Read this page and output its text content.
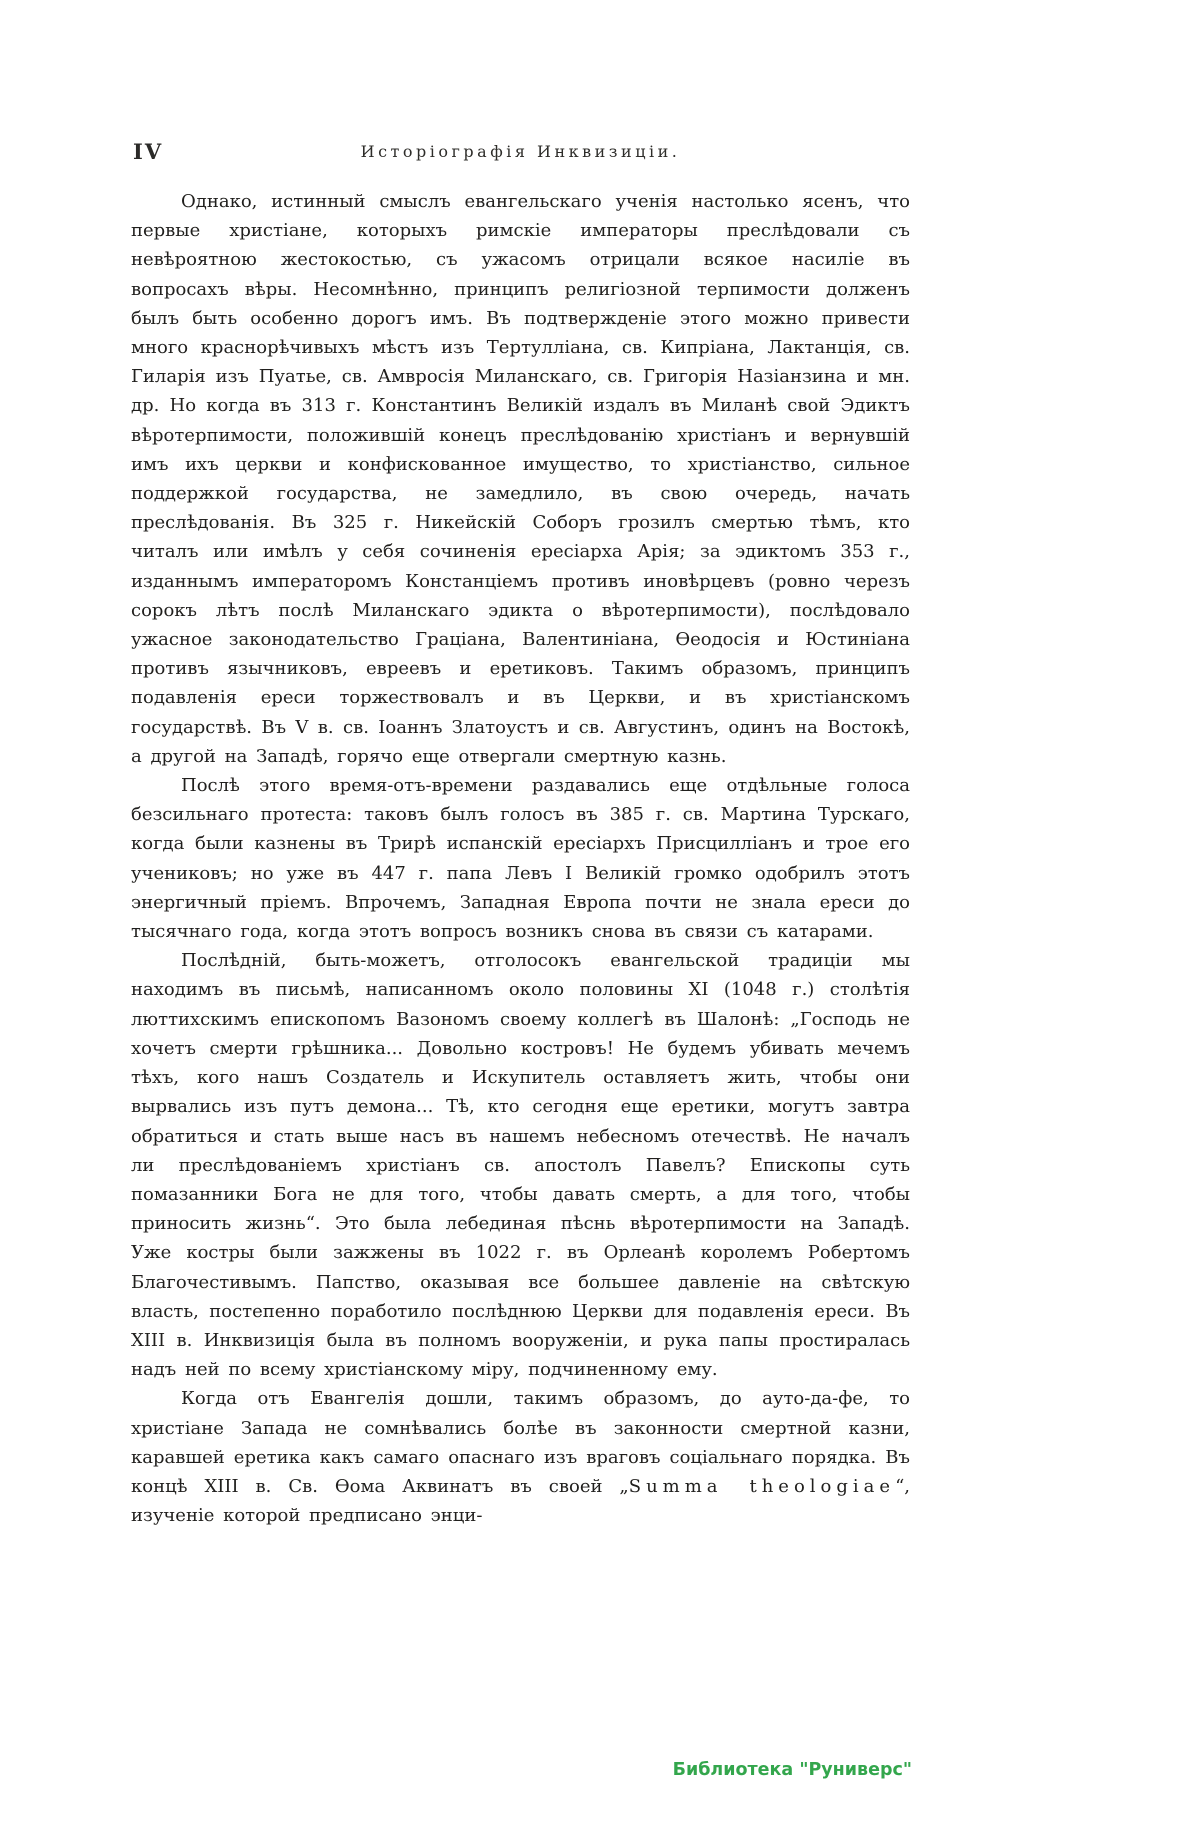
IV	Исторіографія Инквизиціи.

Однако, истинный смыслъ евангельскаго ученія настолько ясенъ, что первые христіане, которыхъ римскіе императоры преслѣдовали съ невѣроятною жестокостью, съ ужасомъ отрицали всякое насиліе въ вопросахъ вѣры. Несомнѣнно, принципъ религіозной терпимости долженъ былъ быть особенно дорогъ имъ. Въ подтвержденіе этого можно привести много краснорѣчивыхъ мѣстъ изъ Тертулліана, св. Кипріана, Лактанція, св. Гиларія изъ Пуатье, св. Амвросія Миланскаго, св. Григорія Назіанзина и мн. др. Но когда въ 313 г. Константинъ Великій издалъ въ Миланѣ свой Эдиктъ вѣротерпимости, положившій конецъ преслѣдованію христіанъ и вернувшій имъ ихъ церкви и конфискованное имущество, то христіанство, сильное поддержкой государства, не замедлило, въ свою очередь, начать преслѣдованія. Въ 325 г. Никейскій Соборъ грозилъ смертью тѣмъ, кто читалъ или имѣлъ у себя сочиненія ересіарха Арія; за эдиктомъ 353 г., изданнымъ императоромъ Констанціемъ противъ иновѣрцевъ (ровно черезъ сорокъ лѣтъ послѣ Миланскаго эдикта о вѣротерпимости), послѣдовало ужасное законодательство Граціана, Валентиніана, Ѳеодосія и Юстиніана противъ язычниковъ, евреевъ и еретиковъ. Такимъ образомъ, принципъ подавленія ереси торжествовалъ и въ Церкви, и въ христіанскомъ государствѣ. Въ V в. св. Іоаннъ Златоустъ и св. Августинъ, одинъ на Востокѣ, а другой на Западѣ, горячо еще отвергали смертную казнь.

Послѣ этого время-отъ-времени раздавались еще отдѣльные голоса безсильнаго протеста: таковъ былъ голосъ въ 385 г. св. Мартина Турскаго, когда были казнены въ Трирѣ испанскій ересіархъ Присцилліанъ и трое его учениковъ; но уже въ 447 г. папа Левъ I Великій громко одобрилъ этотъ энергичный пріемъ. Впрочемъ, Западная Европа почти не знала ереси до тысячнаго года, когда этотъ вопросъ возникъ снова въ связи съ катарами.

Послѣдній, быть-можетъ, отголосокъ евангельской традиціи мы находимъ въ письмѣ, написанномъ около половины XI (1048 г.) столѣтія люттихскимъ епископомъ Вазономъ своему коллегѣ въ Шалонѣ: „Господь не хочетъ смерти грѣшника... Довольно костровъ! Не будемъ убивать мечемъ тѣхъ, кого нашъ Создатель и Искупитель оставляетъ жить, чтобы они вырвались изъ путъ демона... Тѣ, кто сегодня еще еретики, могутъ завтра обратиться и стать выше насъ въ нашемъ небесномъ отечествѣ. Не началъ ли преслѣдованіемъ христіанъ св. апостолъ Павелъ? Епископы суть помазанники Бога не для того, чтобы давать смерть, а для того, чтобы приносить жизнь“. Это была лебединая пѣснь вѣротерпимости на Западѣ. Уже костры были зажжены въ 1022 г. въ Орлеанѣ королемъ Робертомъ Благочестивымъ. Папство, оказывая все большее давленіе на свѣтскую власть, постепенно поработило послѣднюю Церкви для подавленія ереси. Въ XIII в. Инквизиція была въ полномъ вооруженіи, и рука папы простиралась надъ ней по всему христіанскому міру, подчиненному ему.

Когда отъ Евангелія дошли, такимъ образомъ, до ауто-да-фе, то христіане Запада не сомнѣвались болѣе въ законности смертной казни, каравшей еретика какъ самаго опаснаго изъ враговъ соціальнаго порядка. Въ концѣ XIII в. Св. Ѳома Аквинатъ въ своей „Summa theologiae“, изученіе которой предписано энци-

Библиотека "Руниверс"
